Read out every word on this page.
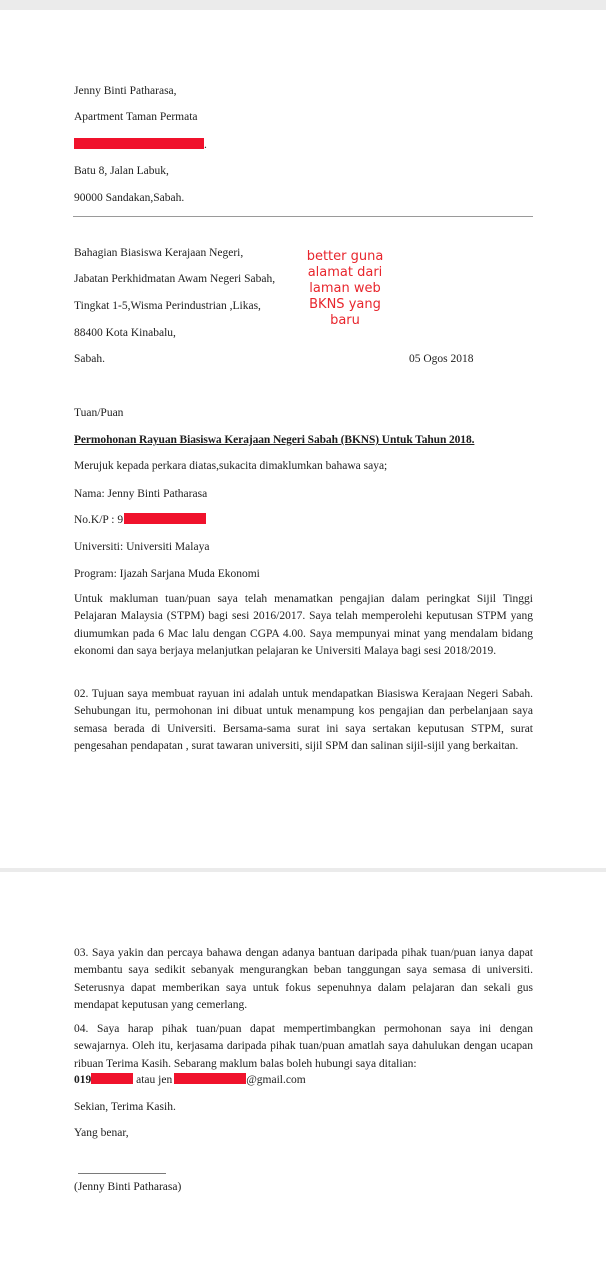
Jenny Binti Patharasa,
Apartment Taman Permata
.
Batu 8, Jalan Labuk,
90000 Sandakan,Sabah.
Bahagian Biasiswa Kerajaan Negeri,
Jabatan Perkhidmatan Awam Negeri Sabah,
Tingkat 1-5,Wisma Perindustrian ,Likas,
88400 Kota Kinabalu,
Sabah.	05 Ogos 2018
better guna
alamat dari
laman web
BKNS yang baru
Tuan/Puan
Permohonan Rayuan Biasiswa Kerajaan Negeri Sabah (BKNS) Untuk Tahun 2018.
Merujuk kepada perkara diatas,sukacita dimaklumkan bahawa saya;
Nama: Jenny Binti Patharasa
No.K/P : 9
Universiti: Universiti Malaya
Program: Ijazah Sarjana Muda Ekonomi
Untuk makluman tuan/puan saya telah menamatkan pengajian dalam peringkat Sijil Tinggi Pelajaran Malaysia (STPM) bagi sesi 2016/2017. Saya telah memperolehi keputusan STPM yang diumumkan pada 6 Mac lalu dengan CGPA 4.00. Saya mempunyai minat yang mendalam bidang ekonomi dan saya berjaya melanjutkan pelajaran ke Universiti Malaya bagi sesi 2018/2019.
02. Tujuan saya membuat rayuan ini adalah untuk mendapatkan Biasiswa Kerajaan Negeri Sabah. Sehubungan itu, permohonan ini dibuat untuk menampung kos pengajian dan perbelanjaan saya semasa berada di Universiti. Bersama-sama surat ini saya sertakan keputusan STPM, surat pengesahan pendapatan , surat tawaran universiti, sijil SPM dan salinan sijil-sijil yang berkaitan.
03. Saya yakin dan percaya bahawa dengan adanya bantuan daripada pihak tuan/puan ianya dapat membantu saya sedikit sebanyak mengurangkan beban tanggungan saya semasa di universiti. Seterusnya dapat memberikan saya untuk fokus sepenuhnya dalam pelajaran dan sekali gus mendapat keputusan yang cemerlang.
04. Saya harap pihak tuan/puan dapat mempertimbangkan permohonan saya ini dengan sewajarnya. Oleh itu, kerjasama daripada pihak tuan/puan amatlah saya dahulukan dengan ucapan ribuan Terima Kasih. Sebarang maklum balas boleh hubungi saya ditalian:
019	atau jen	@gmail.com
Sekian, Terima Kasih.
Yang benar,
(Jenny Binti Patharasa)
